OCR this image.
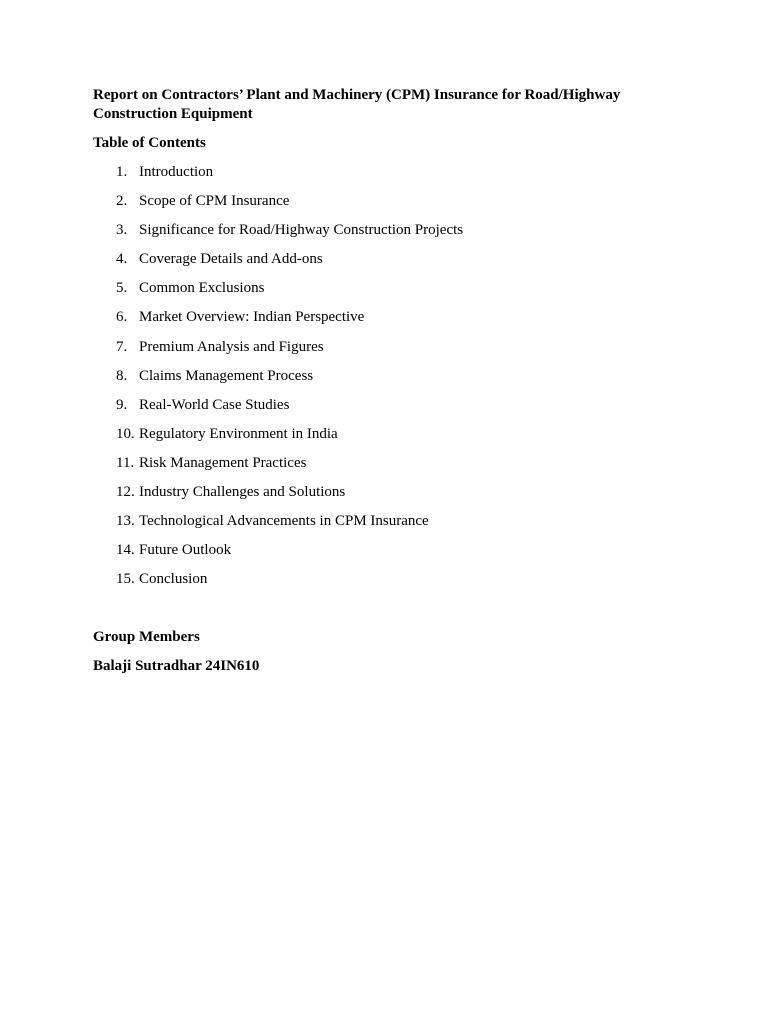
Report on Contractors’ Plant and Machinery (CPM) Insurance for Road/Highway Construction Equipment
Table of Contents
1. Introduction
2. Scope of CPM Insurance
3. Significance for Road/Highway Construction Projects
4. Coverage Details and Add-ons
5. Common Exclusions
6. Market Overview: Indian Perspective
7. Premium Analysis and Figures
8. Claims Management Process
9. Real-World Case Studies
10. Regulatory Environment in India
11. Risk Management Practices
12. Industry Challenges and Solutions
13. Technological Advancements in CPM Insurance
14. Future Outlook
15. Conclusion
Group Members
Balaji Sutradhar 24IN610
